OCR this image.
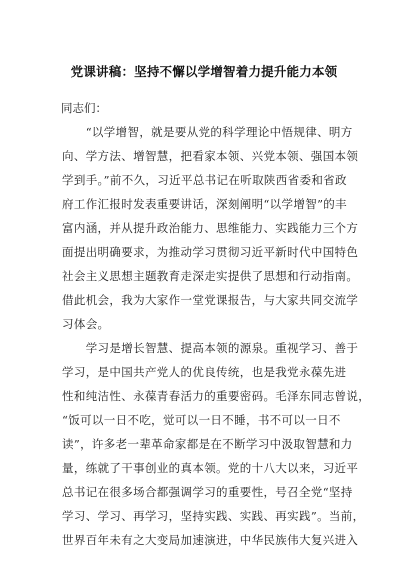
党课讲稿：坚持不懈以学增智着力提升能力本领
同志们：
　　“以学增智，就是要从党的科学理论中悟规律、明方
向、学方法、增智慧，把看家本领、兴党本领、强国本领
学到手。”前不久，习近平总书记在听取陕西省委和省政
府工作汇报时发表重要讲话，深刻阐明“以学增智”的丰
富内涵，并从提升政治能力、思维能力、实践能力三个方
面提出明确要求，为推动学习贯彻习近平新时代中国特色
社会主义思想主题教育走深走实提供了思想和行动指南。
借此机会，我为大家作一堂党课报告，与大家共同交流学
习体会。
　　学习是增长智慧、提高本领的源泉。重视学习、善于
学习，是中国共产党人的优良传统，也是我党永葆先进
性和纯洁性、永葆青春活力的重要密码。毛泽东同志曾说，
“饭可以一日不吃，觉可以一日不睡，书不可以一日不
读”，许多老一辈革命家都是在不断学习中汲取智慧和力
量，练就了干事创业的真本领。党的十八大以来，习近平
总书记在很多场合都强调学习的重要性，号召全党“坚持
学习、学习、再学习，坚持实践、实践、再实践”。当前，
世界百年未有之大变局加速演进，中华民族伟大复兴进入
